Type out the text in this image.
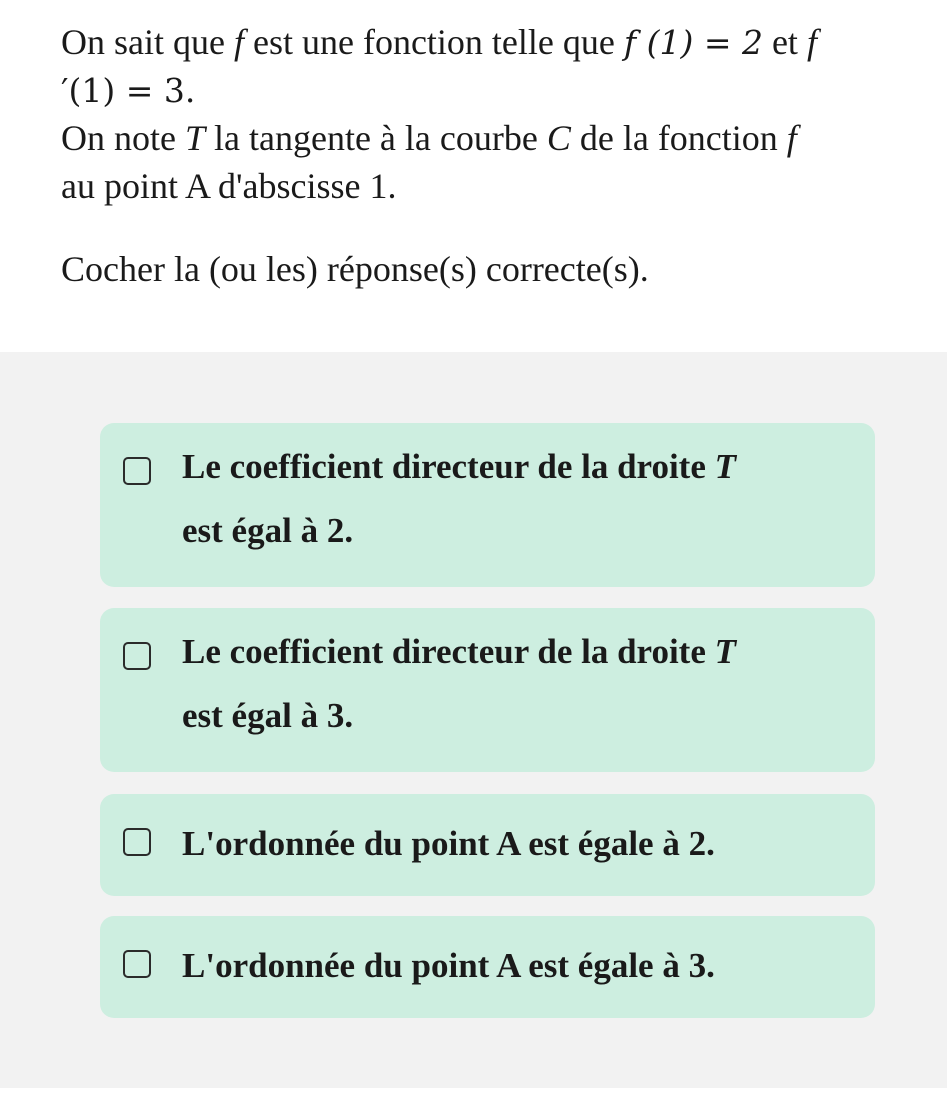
On sait que f est une fonction telle que f (1) = 2 et f
′(1) = 3.
On note T la tangente à la courbe C de la fonction f
au point A d'abscisse 1.
Cocher la (ou les) réponse(s) correcte(s).
Le coefficient directeur de la droite T
est égal à 2.
Le coefficient directeur de la droite T
est égal à 3.
L'ordonnée du point A est égale à 2.
L'ordonnée du point A est égale à 3.
